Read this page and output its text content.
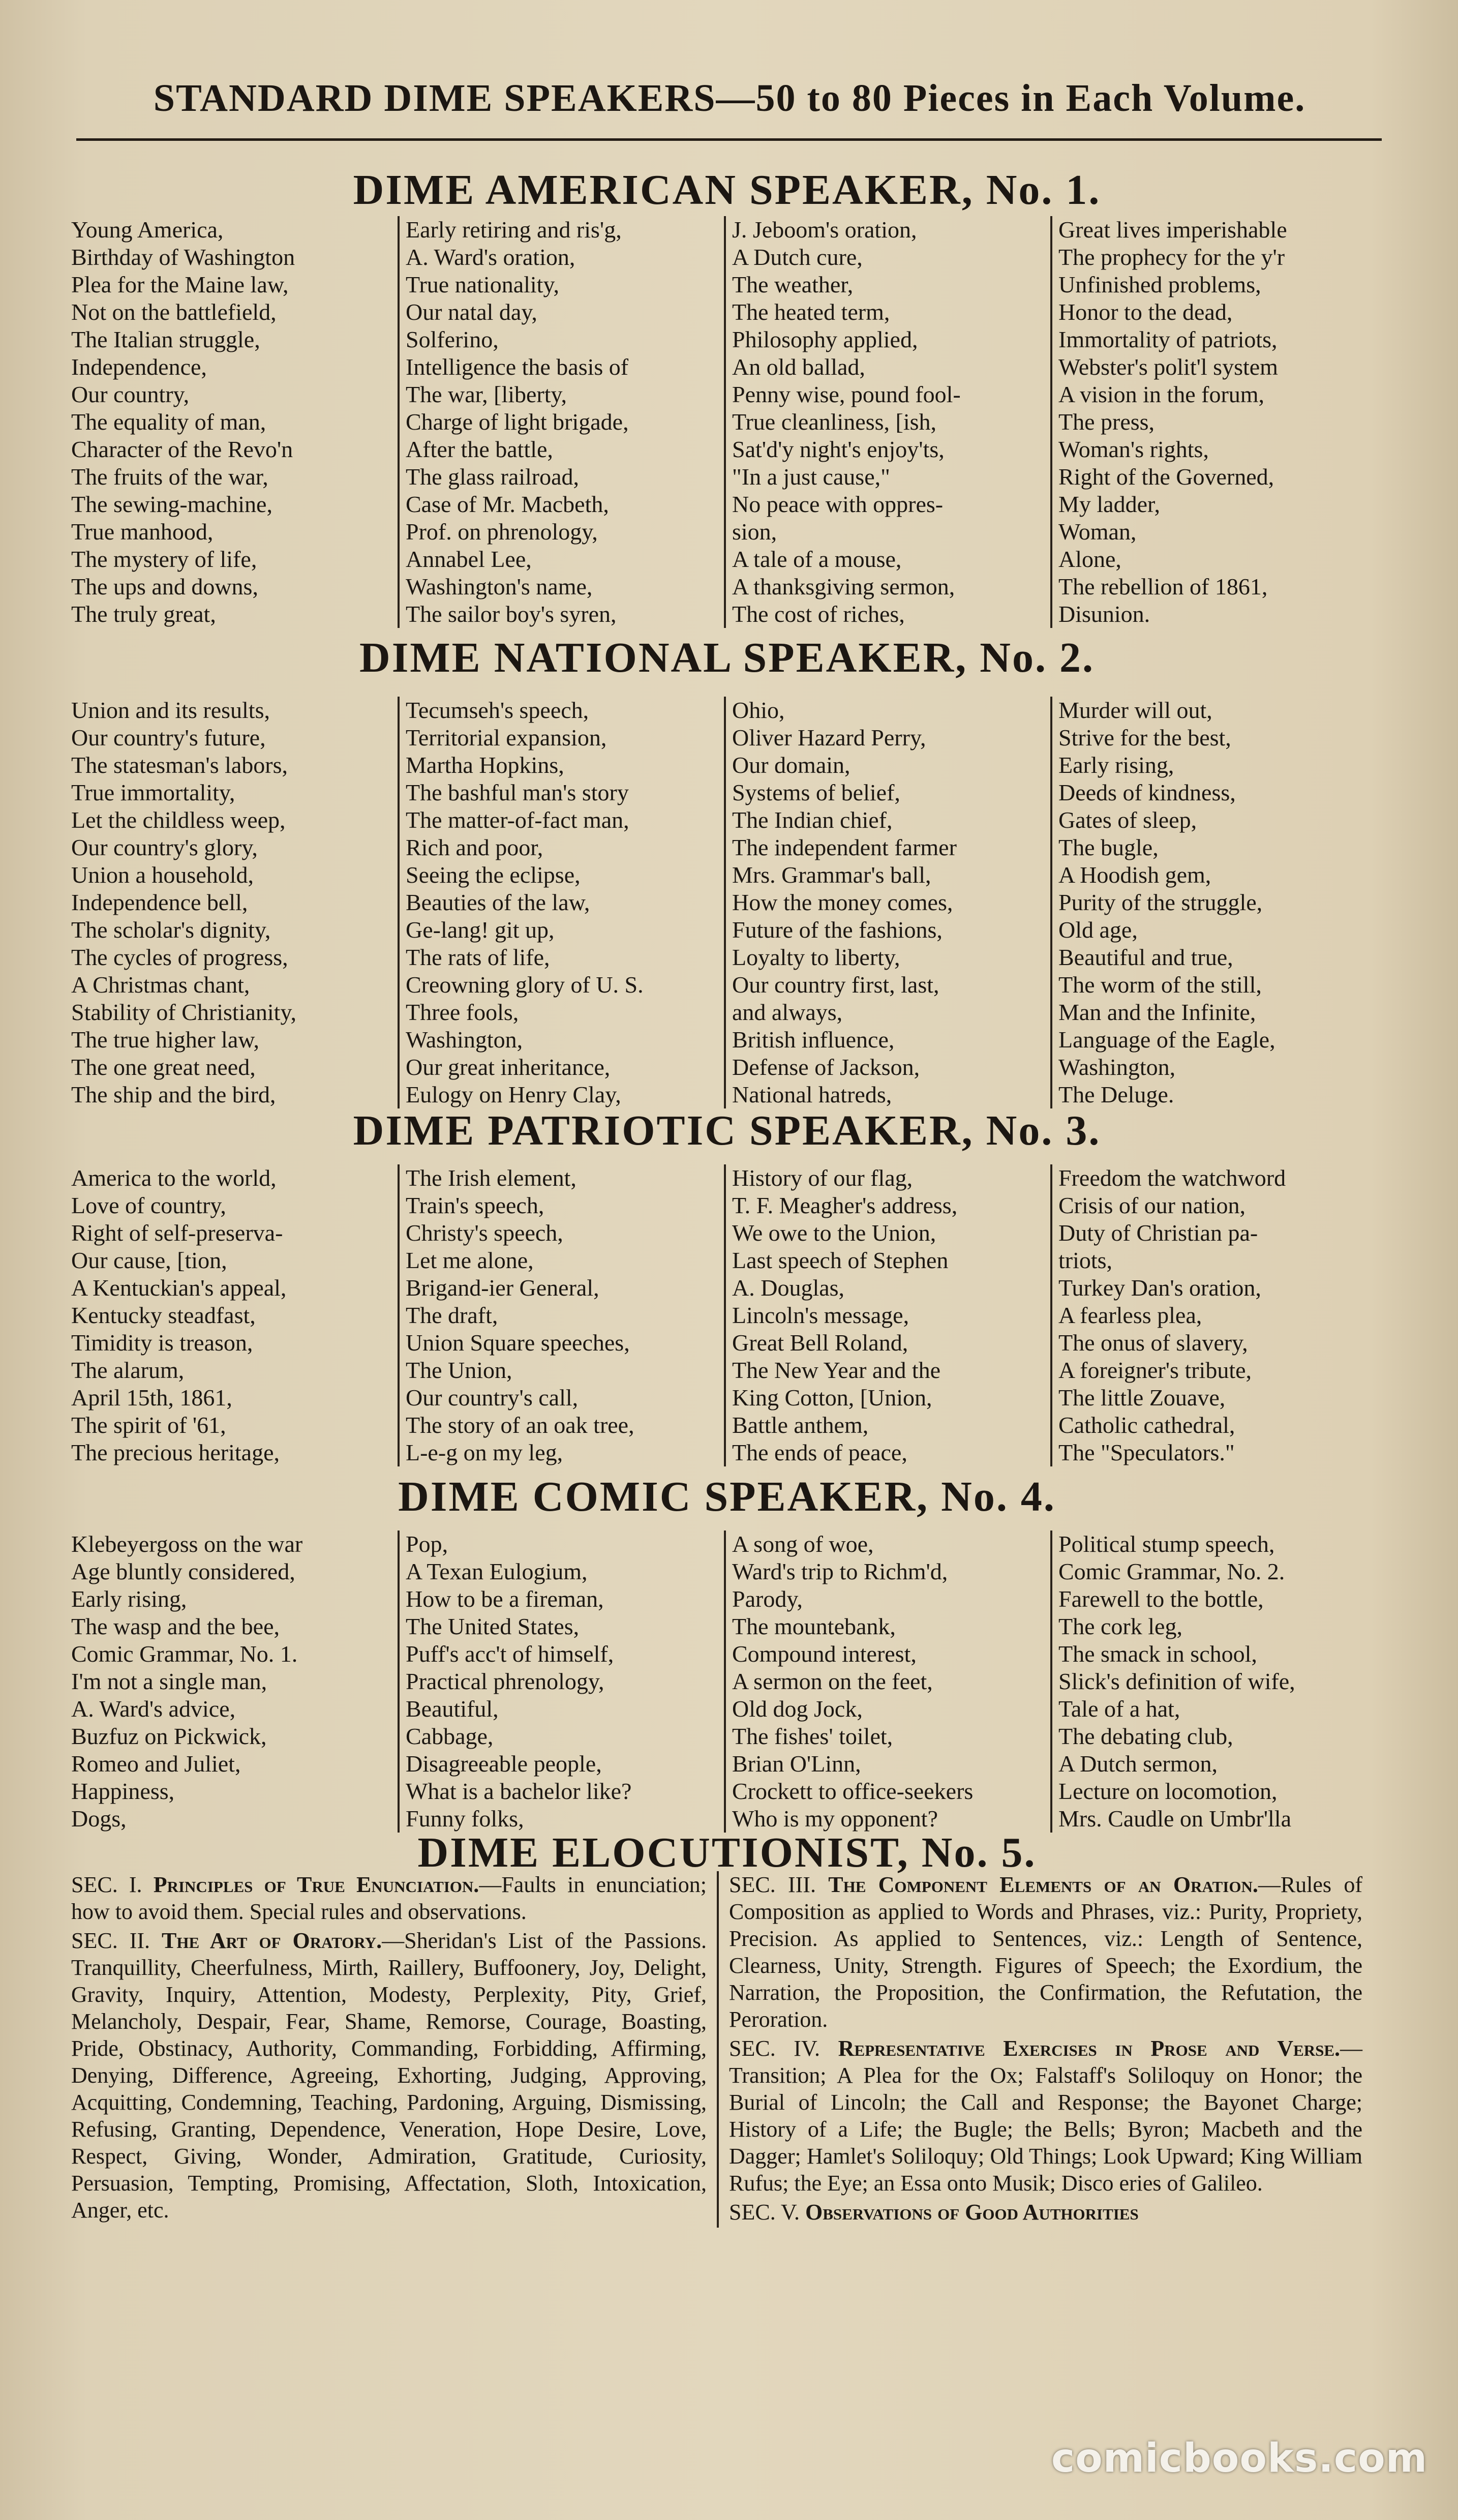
STANDARD DIME SPEAKERS—50 to 80 Pieces in Each Volume.
DIME AMERICAN SPEAKER, No. 1.
Young America,
Birthday of Washington
Plea for the Maine law,
Not on the battlefield,
The Italian struggle,
Independence,
Our country,
The equality of man,
Character of the Revo'n
The fruits of the war,
The sewing-machine,
True manhood,
The mystery of life,
The ups and downs,
The truly great,
Early retiring and ris'g,
A. Ward's oration,
True nationality,
Our natal day,
Solferino,
Intelligence the basis of
The war, [liberty,
Charge of light brigade,
After the battle,
The glass railroad,
Case of Mr. Macbeth,
Prof. on phrenology,
Annabel Lee,
Washington's name,
The sailor boy's syren,
J. Jeboom's oration,
A Dutch cure,
The weather,
The heated term,
Philosophy applied,
An old ballad,
Penny wise, pound fool-
True cleanliness, [ish,
Sat'd'y night's enjoy'ts,
"In a just cause,"
No peace with oppres-
sion,
A tale of a mouse,
A thanksgiving sermon,
The cost of riches,
Great lives imperishable
The prophecy for the y'r
Unfinished problems,
Honor to the dead,
Immortality of patriots,
Webster's polit'l system
A vision in the forum,
The press,
Woman's rights,
Right of the Governed,
My ladder,
Woman,
Alone,
The rebellion of 1861,
Disunion.
DIME NATIONAL SPEAKER, No. 2.
Union and its results,
Our country's future,
The statesman's labors,
True immortality,
Let the childless weep,
Our country's glory,
Union a household,
Independence bell,
The scholar's dignity,
The cycles of progress,
A Christmas chant,
Stability of Christianity,
The true higher law,
The one great need,
The ship and the bird,
Tecumseh's speech,
Territorial expansion,
Martha Hopkins,
The bashful man's story
The matter-of-fact man,
Rich and poor,
Seeing the eclipse,
Beauties of the law,
Ge-lang! git up,
The rats of life,
Creowning glory of U. S.
Three fools,
Washington,
Our great inheritance,
Eulogy on Henry Clay,
Ohio,
Oliver Hazard Perry,
Our domain,
Systems of belief,
The Indian chief,
The independent farmer
Mrs. Grammar's ball,
How the money comes,
Future of the fashions,
Loyalty to liberty,
Our country first, last,
and always,
British influence,
Defense of Jackson,
National hatreds,
Murder will out,
Strive for the best,
Early rising,
Deeds of kindness,
Gates of sleep,
The bugle,
A Hoodish gem,
Purity of the struggle,
Old age,
Beautiful and true,
The worm of the still,
Man and the Infinite,
Language of the Eagle,
Washington,
The Deluge.
DIME PATRIOTIC SPEAKER, No. 3.
America to the world,
Love of country,
Right of self-preserva-
Our cause, [tion,
A Kentuckian's appeal,
Kentucky steadfast,
Timidity is treason,
The alarum,
April 15th, 1861,
The spirit of '61,
The precious heritage,
The Irish element,
Train's speech,
Christy's speech,
Let me alone,
Brigand-ier General,
The draft,
Union Square speeches,
The Union,
Our country's call,
The story of an oak tree,
L-e-g on my leg,
History of our flag,
T. F. Meagher's address,
We owe to the Union,
Last speech of Stephen
A. Douglas,
Lincoln's message,
Great Bell Roland,
The New Year and the
King Cotton, [Union,
Battle anthem,
The ends of peace,
Freedom the watchword
Crisis of our nation,
Duty of Christian pa-
triots,
Turkey Dan's oration,
A fearless plea,
The onus of slavery,
A foreigner's tribute,
The little Zouave,
Catholic cathedral,
The "Speculators."
DIME COMIC SPEAKER, No. 4.
Klebeyergoss on the war
Age bluntly considered,
Early rising,
The wasp and the bee,
Comic Grammar, No. 1.
I'm not a single man,
A. Ward's advice,
Buzfuz on Pickwick,
Romeo and Juliet,
Happiness,
Dogs,
Pop,
A Texan Eulogium,
How to be a fireman,
The United States,
Puff's acc't of himself,
Practical phrenology,
Beautiful,
Cabbage,
Disagreeable people,
What is a bachelor like?
Funny folks,
A song of woe,
Ward's trip to Richm'd,
Parody,
The mountebank,
Compound interest,
A sermon on the feet,
Old dog Jock,
The fishes' toilet,
Brian O'Linn,
Crockett to office-seekers
Who is my opponent?
Political stump speech,
Comic Grammar, No. 2.
Farewell to the bottle,
The cork leg,
The smack in school,
Slick's definition of wife,
Tale of a hat,
The debating club,
A Dutch sermon,
Lecture on locomotion,
Mrs. Caudle on Umbr'lla
DIME ELOCUTIONIST, No. 5.

SEC. I. Principles of True Enunciation.—Faults in enunciation; how to avoid them. Special rules and observations.

SEC. II. The Art of Oratory.—Sheridan's List of the Passions. Tranquillity, Cheerfulness, Mirth, Raillery, Buffoonery, Joy, Delight, Gravity, Inquiry, Attention, Modesty, Perplexity, Pity, Grief, Melancholy, Despair, Fear, Shame, Remorse, Courage, Boasting, Pride, Obstinacy, Authority, Commanding, Forbidding, Affirming, Denying, Difference, Agreeing, Exhorting, Judging, Approving, Acquitting, Condemning, Teaching, Pardoning, Arguing, Dismissing, Refusing, Granting, Dependence, Veneration, Hope Desire, Love, Respect, Giving, Wonder, Admiration, Gratitude, Curiosity, Persuasion, Tempting, Promising, Affectation, Sloth, Intoxication, Anger, etc.

SEC. III. The Component Elements of an Oration.—Rules of Composition as applied to Words and Phrases, viz.: Purity, Propriety, Precision. As applied to Sentences, viz.: Length of Sentence, Clearness, Unity, Strength. Figures of Speech; the Exordium, the Narration, the Proposition, the Confirmation, the Refutation, the Peroration.

SEC. IV. Representative Exercises in Prose and Verse.—Transition; A Plea for the Ox; Falstaff's Soliloquy on Honor; the Burial of Lincoln; the Call and Response; the Bayonet Charge; History of a Life; the Bugle; the Bells; Byron; Macbeth and the Dagger; Hamlet's Soliloquy; Old Things; Look Upward; King William Rufus; the Eye; an Essa onto Musik; Disco eries of Galileo.

SEC. V. Observations of Good Authorities

comicbooks.com
